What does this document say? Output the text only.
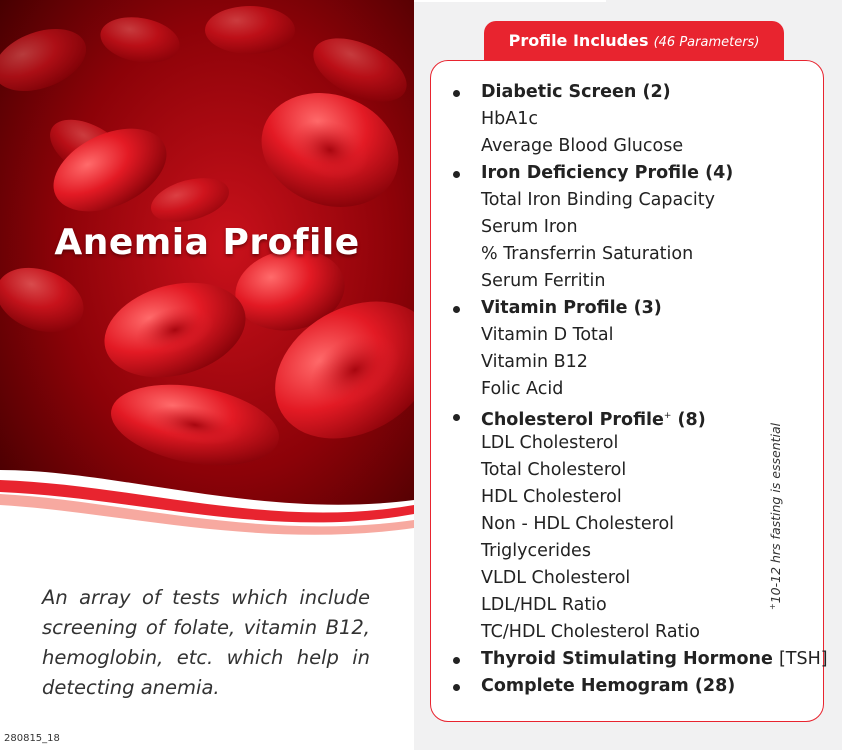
Anemia Profile
An array of tests which include screening of folate, vitamin B12, hemoglobin, etc. which help in detecting anemia.
280815_18
Profile Includes (46 Parameters)
Diabetic Screen (2)
HbA1c
Average Blood Glucose
Iron Deficiency Profile (4)
Total Iron Binding Capacity
Serum Iron
% Transferrin Saturation
Serum Ferritin
Vitamin Profile (3)
Vitamin D Total
Vitamin B12
Folic Acid
Cholesterol Profile+ (8)
LDL Cholesterol
Total Cholesterol
HDL Cholesterol
Non - HDL Cholesterol
Triglycerides
VLDL Cholesterol
LDL/HDL Ratio
TC/HDL Cholesterol Ratio
Thyroid Stimulating Hormone [TSH]
Complete Hemogram (28)
+10-12 hrs fasting is essential
